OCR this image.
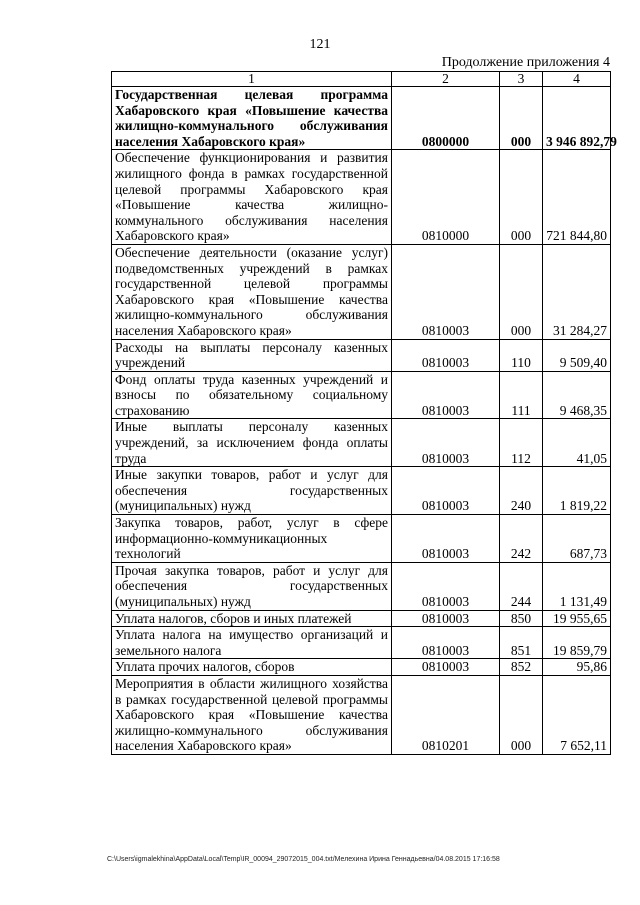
121
Продолжение приложения 4
1	2	3	4
Государственная целевая программа Хабаровского края «Повышение качества жилищно-коммунального обслуживания населения Хабаровского края»	0800000	000	3 946 892,79
Обеспечение функционирования и развития жилищного фонда в рамках государственной целевой программы Хабаровского края «Повышение качества жилищно-коммунального обслуживания населения Хабаровского края»	0810000	000	721 844,80
Обеспечение деятельности (оказание услуг) подведомственных учреждений в рамках государственной целевой программы Хабаровского края «Повышение качества жилищно-коммунального обслуживания населения Хабаровского края»	0810003	000	31 284,27
Расходы на выплаты персоналу казенных учреждений	0810003	110	9 509,40
Фонд оплаты труда казенных учреждений и взносы по обязательному социальному страхованию	0810003	111	9 468,35
Иные выплаты персоналу казенных учреждений, за исключением фонда оплаты труда	0810003	112	41,05
Иные закупки товаров, работ и услуг для обеспечения государственных (муниципальных) нужд	0810003	240	1 819,22
Закупка товаров, работ, услуг в сфере информационно-коммуникационных технологий	0810003	242	687,73
Прочая закупка товаров, работ и услуг для обеспечения государственных (муниципальных) нужд	0810003	244	1 131,49
Уплата налогов, сборов и иных платежей	0810003	850	19 955,65
Уплата налога на имущество организаций и земельного налога	0810003	851	19 859,79
Уплата прочих налогов, сборов	0810003	852	95,86
Мероприятия в области жилищного хозяйства в рамках государственной целевой программы Хабаровского края «Повышение качества жилищно-коммунального обслуживания населения Хабаровского края»	0810201	000	7 652,11
C:\Users\igmalekhina\AppData\Local\Temp\IR_00094_29072015_004.txt/Мелехина Ирина Геннадьевна/04.08.2015 17:16:58
